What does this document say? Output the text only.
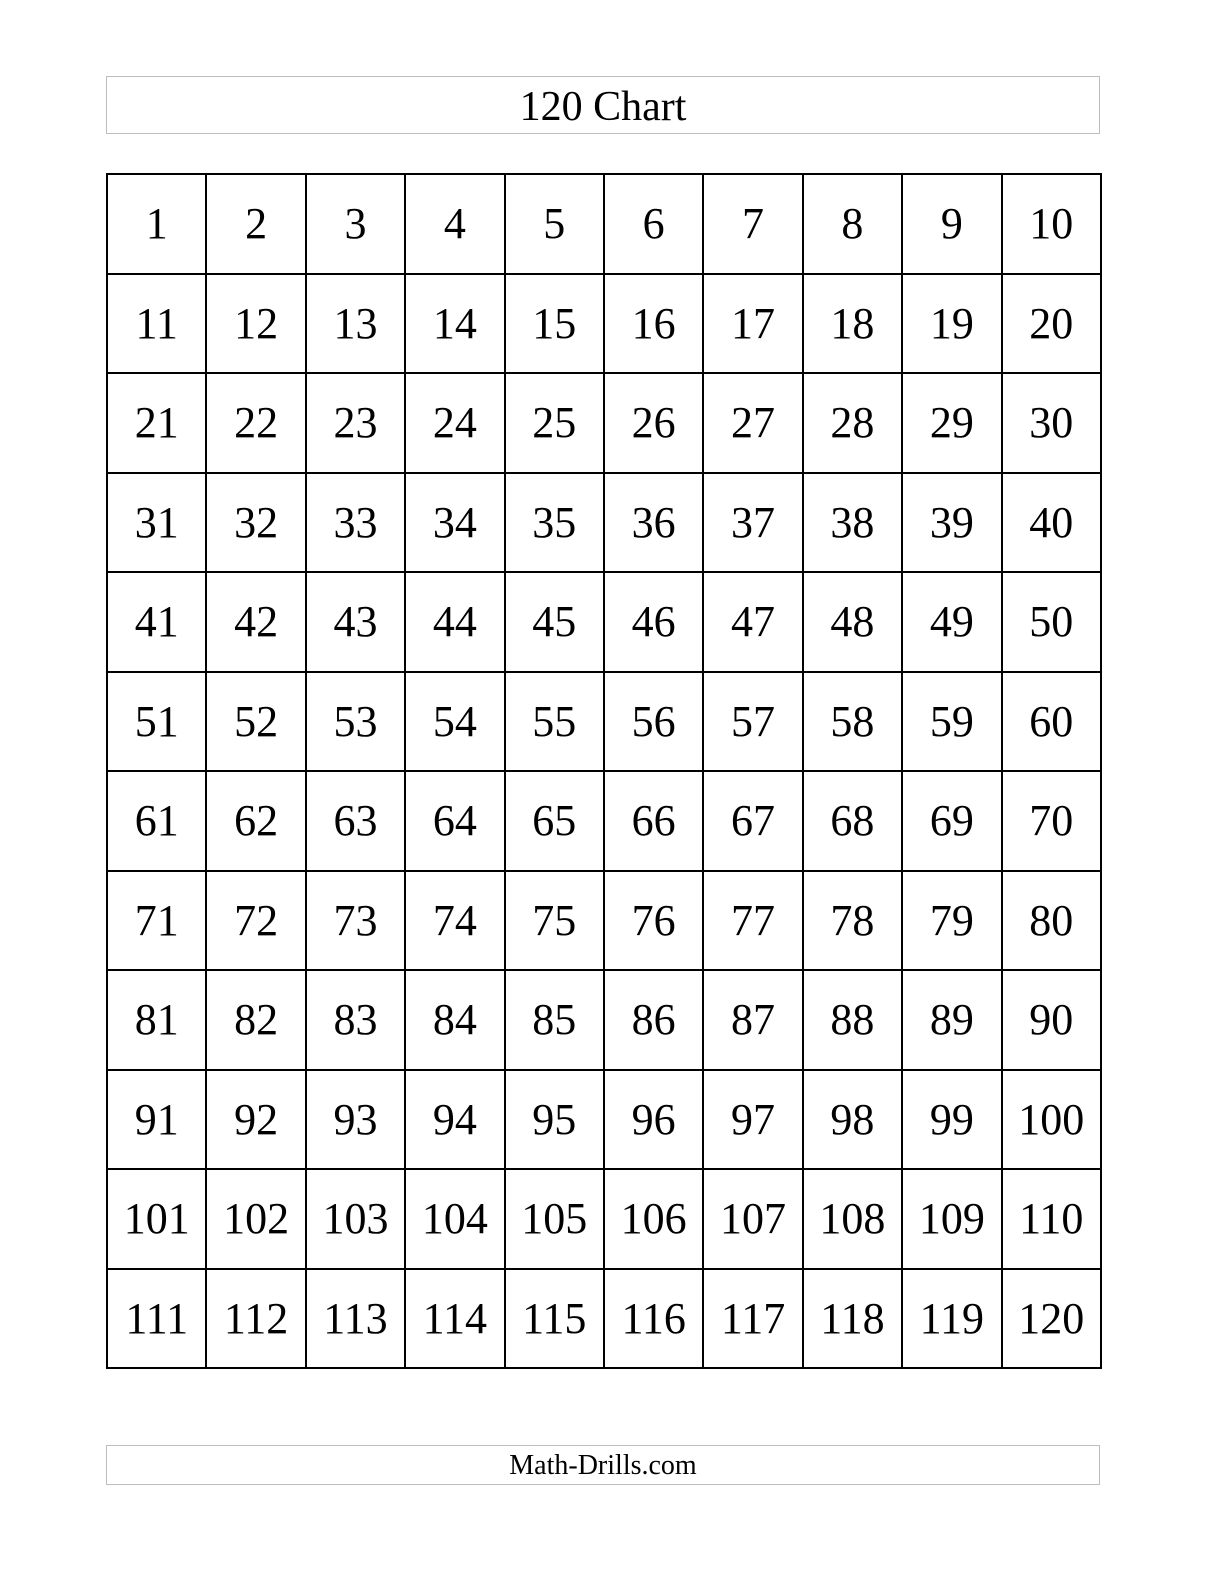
120 Chart
1	2	3	4	5	6	7	8	9	10
11	12	13	14	15	16	17	18	19	20
21	22	23	24	25	26	27	28	29	30
31	32	33	34	35	36	37	38	39	40
41	42	43	44	45	46	47	48	49	50
51	52	53	54	55	56	57	58	59	60
61	62	63	64	65	66	67	68	69	70
71	72	73	74	75	76	77	78	79	80
81	82	83	84	85	86	87	88	89	90
91	92	93	94	95	96	97	98	99	100
101	102	103	104	105	106	107	108	109	110
111	112	113	114	115	116	117	118	119	120
Math-Drills.com
